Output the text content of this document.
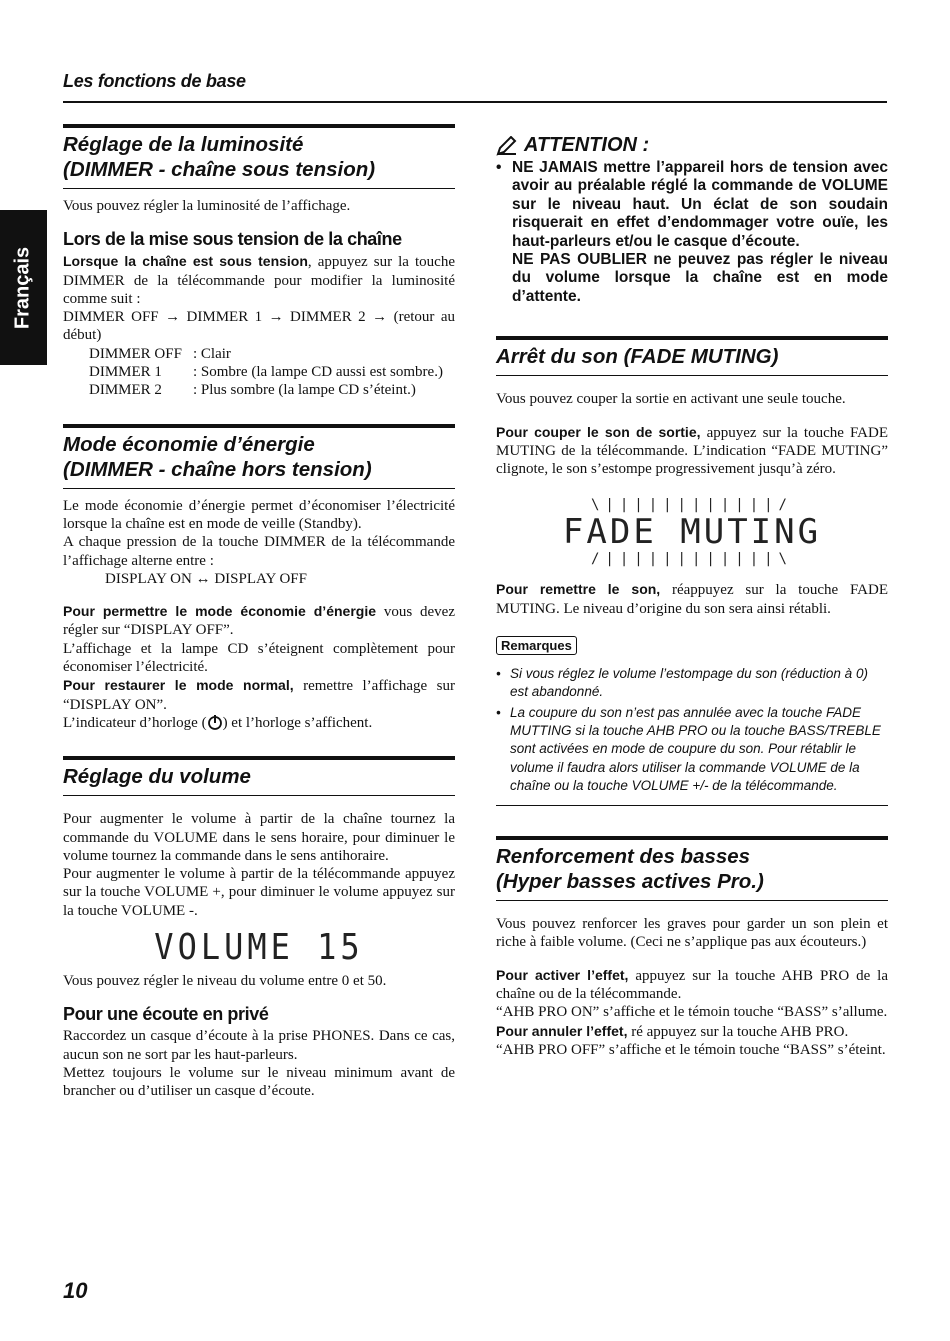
Les fonctions de base
Français
Réglage de la luminosité
(DIMMER - chaîne sous tension)

Vous pouvez régler la luminosité de l’affichage.

Lors de la mise sous tension de la chaîne

Lorsque la chaîne est sous tension, appuyez sur la touche DIMMER de la télécommande pour modifier la luminosité comme suit :

DIMMER OFF → DIMMER 1 → DIMMER 2 → (retour au début)

DIMMER OFF : Clair
DIMMER 1	: Sombre (la lampe CD aussi est sombre.)
DIMMER 2	: Plus sombre (la lampe CD s’éteint.)
Mode économie d’énergie
(DIMMER - chaîne hors tension)

Le mode économie d’énergie permet d’économiser l’électricité lorsque la chaîne est en mode de veille (Standby).

A chaque pression de la touche DIMMER de la télécommande l’affichage alterne entre :

DISPLAY ON ↔ DISPLAY OFF

Pour permettre le mode économie d’énergie vous devez régler sur “DISPLAY OFF”.

L’affichage et la lampe CD s’éteignent complètement pour économiser l’électricité.

Pour restaurer le mode normal, remettre l’affichage sur “DISPLAY ON”.

L’indicateur d’horloge ( ) et l’horloge s’affichent.

Réglage du volume

Pour augmenter le volume à partir de la chaîne tournez la commande du VOLUME dans le sens horaire, pour diminuer le volume tournez la commande dans le sens antihoraire.

Pour augmenter le volume à partir de la télécommande appuyez sur la touche VOLUME +, pour diminuer le volume appuyez sur la touche VOLUME -.

VOLUME 15

Vous pouvez régler le niveau du volume entre 0 et 50.

Pour une écoute en privé

Raccordez un casque d’écoute à la prise PHONES. Dans ce cas, aucun son ne sort par les haut-parleurs.

Mettez toujours le volume sur le niveau minimum avant de brancher ou d’utiliser un casque d’écoute.

ATTENTION :
• NE JAMAIS mettre l’appareil hors de tension avec avoir au préalable réglé la commande de VOLUME sur le niveau haut. Un éclat de son soudain risquerait en effet d’endommager votre ouïe, les haut-parleurs et/ou le casque d’écoute.
NE PAS OUBLIER ne peuvez pas régler le niveau du volume lorsque la chaîne est en mode d’attente.
Arrêt du son (FADE MUTING)

Vous pouvez couper la sortie en activant une seule touche.

Pour couper le son de sortie, appuyez sur la touche FADE MUTING de la télécommande. L’indication “FADE MUTING” clignote, le son s’estompe progressivement jusqu’à zéro.

\||||||||||||/
FADE MUTING
/||||||||||||\

Pour remettre le son, réappuyez sur la touche FADE MUTING. Le niveau d’origine du son sera ainsi rétabli.

Remarques
• Si vous réglez le volume l’estompage du son (réduction à 0) est abandonné.
• La coupure du son n’est pas annulée avec la touche FADE MUTTING si la touche AHB PRO ou la touche BASS/TREBLE sont activées en mode de coupure du son. Pour rétablir le volume il faudra alors utiliser la commande VOLUME de la chaîne ou la touche VOLUME +/- de la télécommande.
Renforcement des basses
(Hyper basses actives Pro.)

Vous pouvez renforcer les graves pour garder un son plein et riche à faible volume. (Ceci ne s’applique pas aux écouteurs.)

Pour activer l’effet, appuyez sur la touche AHB PRO de la chaîne ou de la télécommande.

“AHB PRO ON” s’affiche et le témoin touche “BASS” s’allume.

Pour annuler l’effet, ré appuyez sur la touche AHB PRO.

“AHB PRO OFF” s’affiche et le témoin touche “BASS” s’éteint.

10
